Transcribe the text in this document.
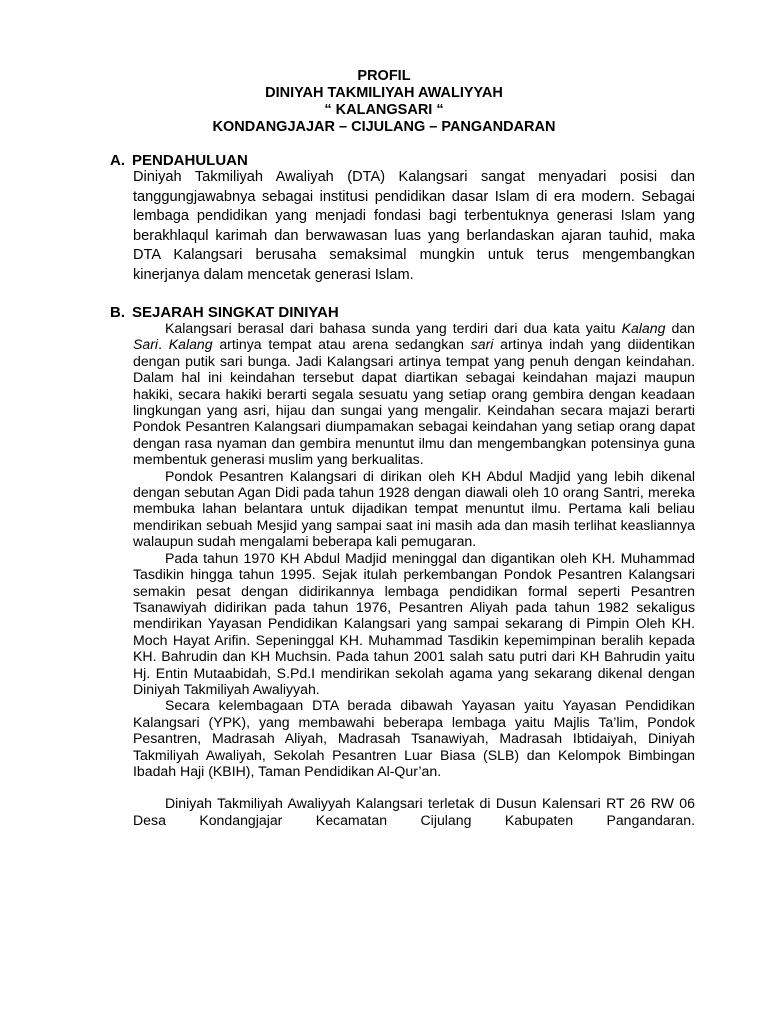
PROFIL
DINIYAH TAKMILIYAH AWALIYYAH
“ KALANGSARI “
KONDANGJAJAR – CIJULANG – PANGANDARAN
A. PENDAHULUAN

Diniyah Takmiliyah Awaliyah (DTA) Kalangsari sangat menyadari posisi dan tanggungjawabnya sebagai institusi pendidikan dasar Islam di era modern. Sebagai lembaga pendidikan yang menjadi fondasi bagi terbentuknya generasi Islam yang berakhlaqul karimah dan berwawasan luas yang berlandaskan ajaran tauhid, maka DTA Kalangsari berusaha semaksimal mungkin untuk terus mengembangkan kinerjanya dalam mencetak generasi Islam.

B. SEJARAH SINGKAT DINIYAH

Kalangsari berasal dari bahasa sunda yang terdiri dari dua kata yaitu Kalang dan Sari. Kalang artinya tempat atau arena sedangkan sari artinya indah yang diidentikan dengan putik sari bunga. Jadi Kalangsari artinya tempat yang penuh dengan keindahan. Dalam hal ini keindahan tersebut dapat diartikan sebagai keindahan majazi maupun hakiki, secara hakiki berarti segala sesuatu yang setiap orang gembira dengan keadaan lingkungan yang asri, hijau dan sungai yang mengalir. Keindahan secara majazi berarti Pondok Pesantren Kalangsari diumpamakan sebagai keindahan yang setiap orang dapat dengan rasa nyaman dan gembira menuntut ilmu dan mengembangkan potensinya guna membentuk generasi muslim yang berkualitas.

Pondok Pesantren Kalangsari di dirikan oleh KH Abdul Madjid yang lebih dikenal dengan sebutan Agan Didi pada tahun 1928 dengan diawali oleh 10 orang Santri, mereka membuka lahan belantara untuk dijadikan tempat menuntut ilmu. Pertama kali beliau mendirikan sebuah Mesjid yang sampai saat ini masih ada dan masih terlihat keasliannya walaupun sudah mengalami beberapa kali pemugaran.

Pada tahun 1970 KH Abdul Madjid meninggal dan digantikan oleh KH. Muhammad Tasdikin hingga tahun 1995. Sejak itulah perkembangan Pondok Pesantren Kalangsari semakin pesat dengan didirikannya lembaga pendidikan formal seperti Pesantren Tsanawiyah didirikan pada tahun 1976, Pesantren Aliyah pada tahun 1982 sekaligus mendirikan Yayasan Pendidikan Kalangsari yang sampai sekarang di Pimpin Oleh KH. Moch Hayat Arifin. Sepeninggal KH. Muhammad Tasdikin kepemimpinan beralih kepada KH. Bahrudin dan KH Muchsin. Pada tahun 2001 salah satu putri dari KH Bahrudin yaitu Hj. Entin Mutaabidah, S.Pd.I mendirikan sekolah agama yang sekarang dikenal dengan Diniyah Takmiliyah Awaliyyah.

Secara kelembagaan DTA berada dibawah Yayasan yaitu Yayasan Pendidikan Kalangsari (YPK), yang membawahi beberapa lembaga yaitu Majlis Ta’lim, Pondok Pesantren, Madrasah Aliyah, Madrasah Tsanawiyah, Madrasah Ibtidaiyah, Diniyah Takmiliyah Awaliyah, Sekolah Pesantren Luar Biasa (SLB) dan Kelompok Bimbingan Ibadah Haji (KBIH), Taman Pendidikan Al-Qur’an.

Diniyah Takmiliyah Awaliyyah Kalangsari terletak di Dusun Kalensari RT 26 RW 06 Desa Kondangjajar Kecamatan Cijulang Kabupaten Pangandaran.
